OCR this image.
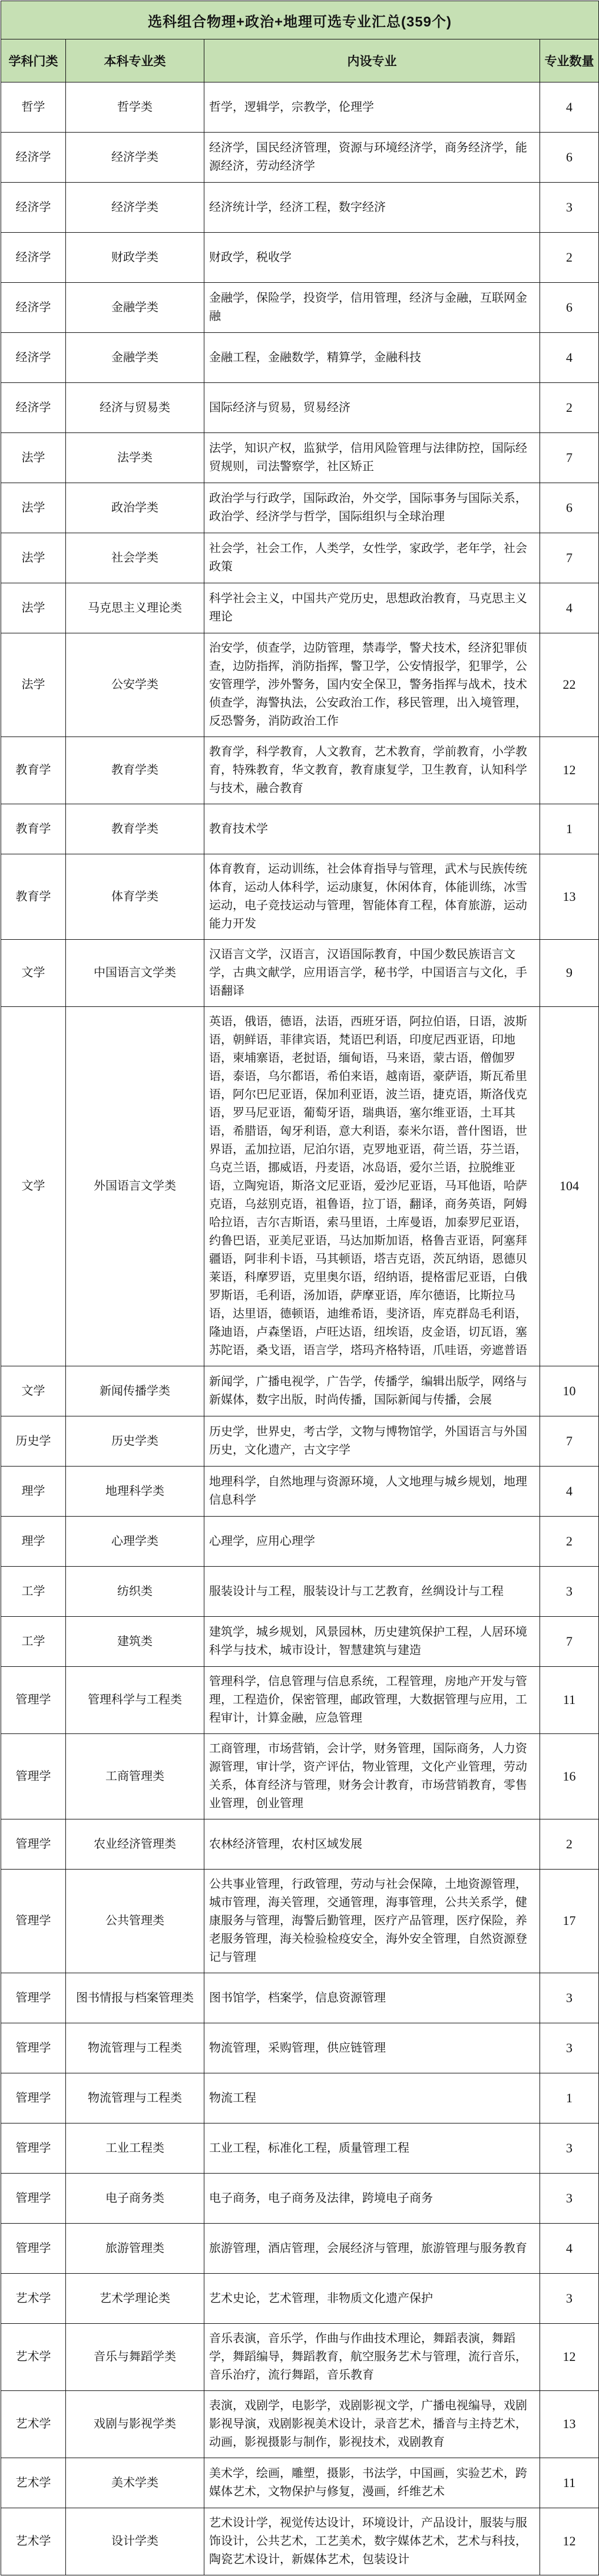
选科组合物理+政治+地理可选专业汇总(359个)			
学科门类	本科专业类	内设专业	专业数量
哲学	哲学类	哲学，逻辑学，宗教学，伦理学	4
经济学	经济学类	经济学，国民经济管理，资源与环境经济学，商务经济学，能源经济，劳动经济学	6
经济学	经济学类	经济统计学，经济工程，数字经济	3
经济学	财政学类	财政学，税收学	2
经济学	金融学类	金融学，保险学，投资学，信用管理，经济与金融，互联网金融	6
经济学	金融学类	金融工程，金融数学，精算学，金融科技	4
经济学	经济与贸易类	国际经济与贸易，贸易经济	2
法学	法学类	法学，知识产权，监狱学，信用风险管理与法律防控，国际经贸规则，司法警察学，社区矫正	7
法学	政治学类	政治学与行政学，国际政治，外交学，国际事务与国际关系，政治学、经济学与哲学，国际组织与全球治理	6
法学	社会学类	社会学，社会工作，人类学，女性学，家政学，老年学，社会政策	7
法学	马克思主义理论类	科学社会主义，中国共产党历史，思想政治教育，马克思主义理论	4
法学	公安学类	治安学，侦查学，边防管理，禁毒学，警犬技术，经济犯罪侦查，边防指挥，消防指挥，警卫学，公安情报学，犯罪学，公安管理学，涉外警务，国内安全保卫，警务指挥与战术，技术侦查学，海警执法，公安政治工作，移民管理，出入境管理，反恐警务，消防政治工作	22
教育学	教育学类	教育学，科学教育，人文教育，艺术教育，学前教育，小学教育，特殊教育，华文教育，教育康复学，卫生教育，认知科学与技术，融合教育	12
教育学	教育学类	教育技术学	1
教育学	体育学类	体育教育，运动训练，社会体育指导与管理，武术与民族传统体育，运动人体科学，运动康复，休闲体育，体能训练，冰雪运动，电子竞技运动与管理，智能体育工程，体育旅游，运动能力开发	13
文学	中国语言文学类	汉语言文学，汉语言，汉语国际教育，中国少数民族语言文学，古典文献学，应用语言学，秘书学，中国语言与文化，手语翻译	9
文学	外国语言文学类	英语，俄语，德语，法语，西班牙语，阿拉伯语，日语，波斯语，朝鲜语，菲律宾语，梵语巴利语，印度尼西亚语，印地语，柬埔寨语，老挝语，缅甸语，马来语，蒙古语，僧伽罗语，泰语，乌尔都语，希伯来语，越南语，豪萨语，斯瓦希里语，阿尔巴尼亚语，保加利亚语，波兰语，捷克语，斯洛伐克语，罗马尼亚语，葡萄牙语，瑞典语，塞尔维亚语，土耳其语，希腊语，匈牙利语，意大利语，泰米尔语，普什图语，世界语，孟加拉语，尼泊尔语，克罗地亚语，荷兰语，芬兰语，乌克兰语，挪威语，丹麦语，冰岛语，爱尔兰语，拉脱维亚语，立陶宛语，斯洛文尼亚语，爱沙尼亚语，马耳他语，哈萨克语，乌兹别克语，祖鲁语，拉丁语，翻译，商务英语，阿姆哈拉语，吉尔吉斯语，索马里语，土库曼语，加泰罗尼亚语，约鲁巴语，亚美尼亚语，马达加斯加语，格鲁吉亚语，阿塞拜疆语，阿非利卡语，马其顿语，塔吉克语，茨瓦纳语，恩德贝莱语，科摩罗语，克里奥尔语，绍纳语，提格雷尼亚语，白俄罗斯语，毛利语，汤加语，萨摩亚语，库尔德语，比斯拉马语，达里语，德顿语，迪维希语，斐济语，库克群岛毛利语，隆迪语，卢森堡语，卢旺达语，纽埃语，皮金语，切瓦语，塞苏陀语，桑戈语，语言学，塔玛齐格特语，爪哇语，旁遮普语	104
文学	新闻传播学类	新闻学，广播电视学，广告学，传播学，编辑出版学，网络与新媒体，数字出版，时尚传播，国际新闻与传播，会展	10
历史学	历史学类	历史学，世界史，考古学，文物与博物馆学，外国语言与外国历史，文化遗产，古文字学	7
理学	地理科学类	地理科学，自然地理与资源环境，人文地理与城乡规划，地理信息科学	4
理学	心理学类	心理学，应用心理学	2
工学	纺织类	服装设计与工程，服装设计与工艺教育，丝绸设计与工程	3
工学	建筑类	建筑学，城乡规划，风景园林，历史建筑保护工程，人居环境科学与技术，城市设计，智慧建筑与建造	7
管理学	管理科学与工程类	管理科学，信息管理与信息系统，工程管理，房地产开发与管理，工程造价，保密管理，邮政管理，大数据管理与应用，工程审计，计算金融，应急管理	11
管理学	工商管理类	工商管理，市场营销，会计学，财务管理，国际商务，人力资源管理，审计学，资产评估，物业管理，文化产业管理，劳动关系，体育经济与管理，财务会计教育，市场营销教育，零售业管理，创业管理	16
管理学	农业经济管理类	农林经济管理，农村区域发展	2
管理学	公共管理类	公共事业管理，行政管理，劳动与社会保障，土地资源管理，城市管理，海关管理，交通管理，海事管理，公共关系学，健康服务与管理，海警后勤管理，医疗产品管理，医疗保险，养老服务管理，海关检验检疫安全，海外安全管理，自然资源登记与管理	17
管理学	图书情报与档案管理类	图书馆学，档案学，信息资源管理	3
管理学	物流管理与工程类	物流管理，采购管理，供应链管理	3
管理学	物流管理与工程类	物流工程	1
管理学	工业工程类	工业工程，标准化工程，质量管理工程	3
管理学	电子商务类	电子商务，电子商务及法律，跨境电子商务	3
管理学	旅游管理类	旅游管理，酒店管理，会展经济与管理，旅游管理与服务教育	4
艺术学	艺术学理论类	艺术史论，艺术管理，非物质文化遗产保护	3
艺术学	音乐与舞蹈学类	音乐表演，音乐学，作曲与作曲技术理论，舞蹈表演，舞蹈学，舞蹈编导，舞蹈教育，航空服务艺术与管理，流行音乐，音乐治疗，流行舞蹈，音乐教育	12
艺术学	戏剧与影视学类	表演，戏剧学，电影学，戏剧影视文学，广播电视编导，戏剧影视导演，戏剧影视美术设计，录音艺术，播音与主持艺术，动画，影视摄影与制作，影视技术，戏剧教育	13
艺术学	美术学类	美术学，绘画，雕塑，摄影，书法学，中国画，实验艺术，跨媒体艺术，文物保护与修复，漫画，纤维艺术	11
艺术学	设计学类	艺术设计学，视觉传达设计，环境设计，产品设计，服装与服饰设计，公共艺术，工艺美术，数字媒体艺术，艺术与科技，陶瓷艺术设计，新媒体艺术，包装设计	12
